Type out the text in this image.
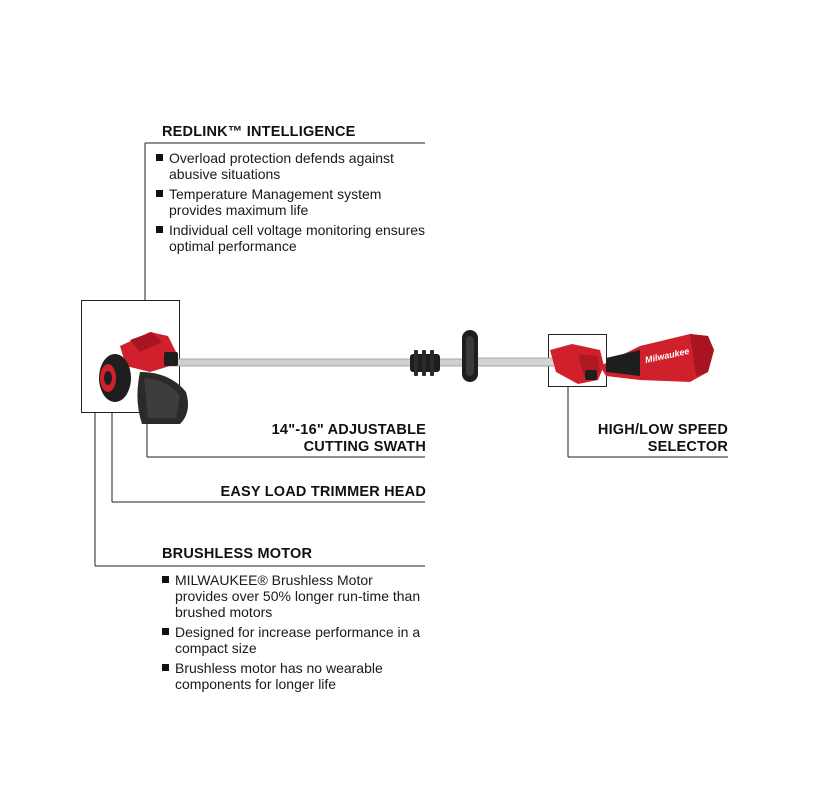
Milwaukee
REDLINK™ INTELLIGENCE
Overload protection defends against abusive situations
Temperature Management system provides maximum life
Individual cell voltage monitoring ensures optimal performance
14"-16" ADJUSTABLE
CUTTING SWATH
HIGH/LOW SPEED
SELECTOR
EASY LOAD TRIMMER HEAD
BRUSHLESS MOTOR
MILWAUKEE® Brushless Motor provides over 50% longer run-time than brushed motors
Designed for increase performance in a compact size
Brushless motor has no wearable components for longer life
